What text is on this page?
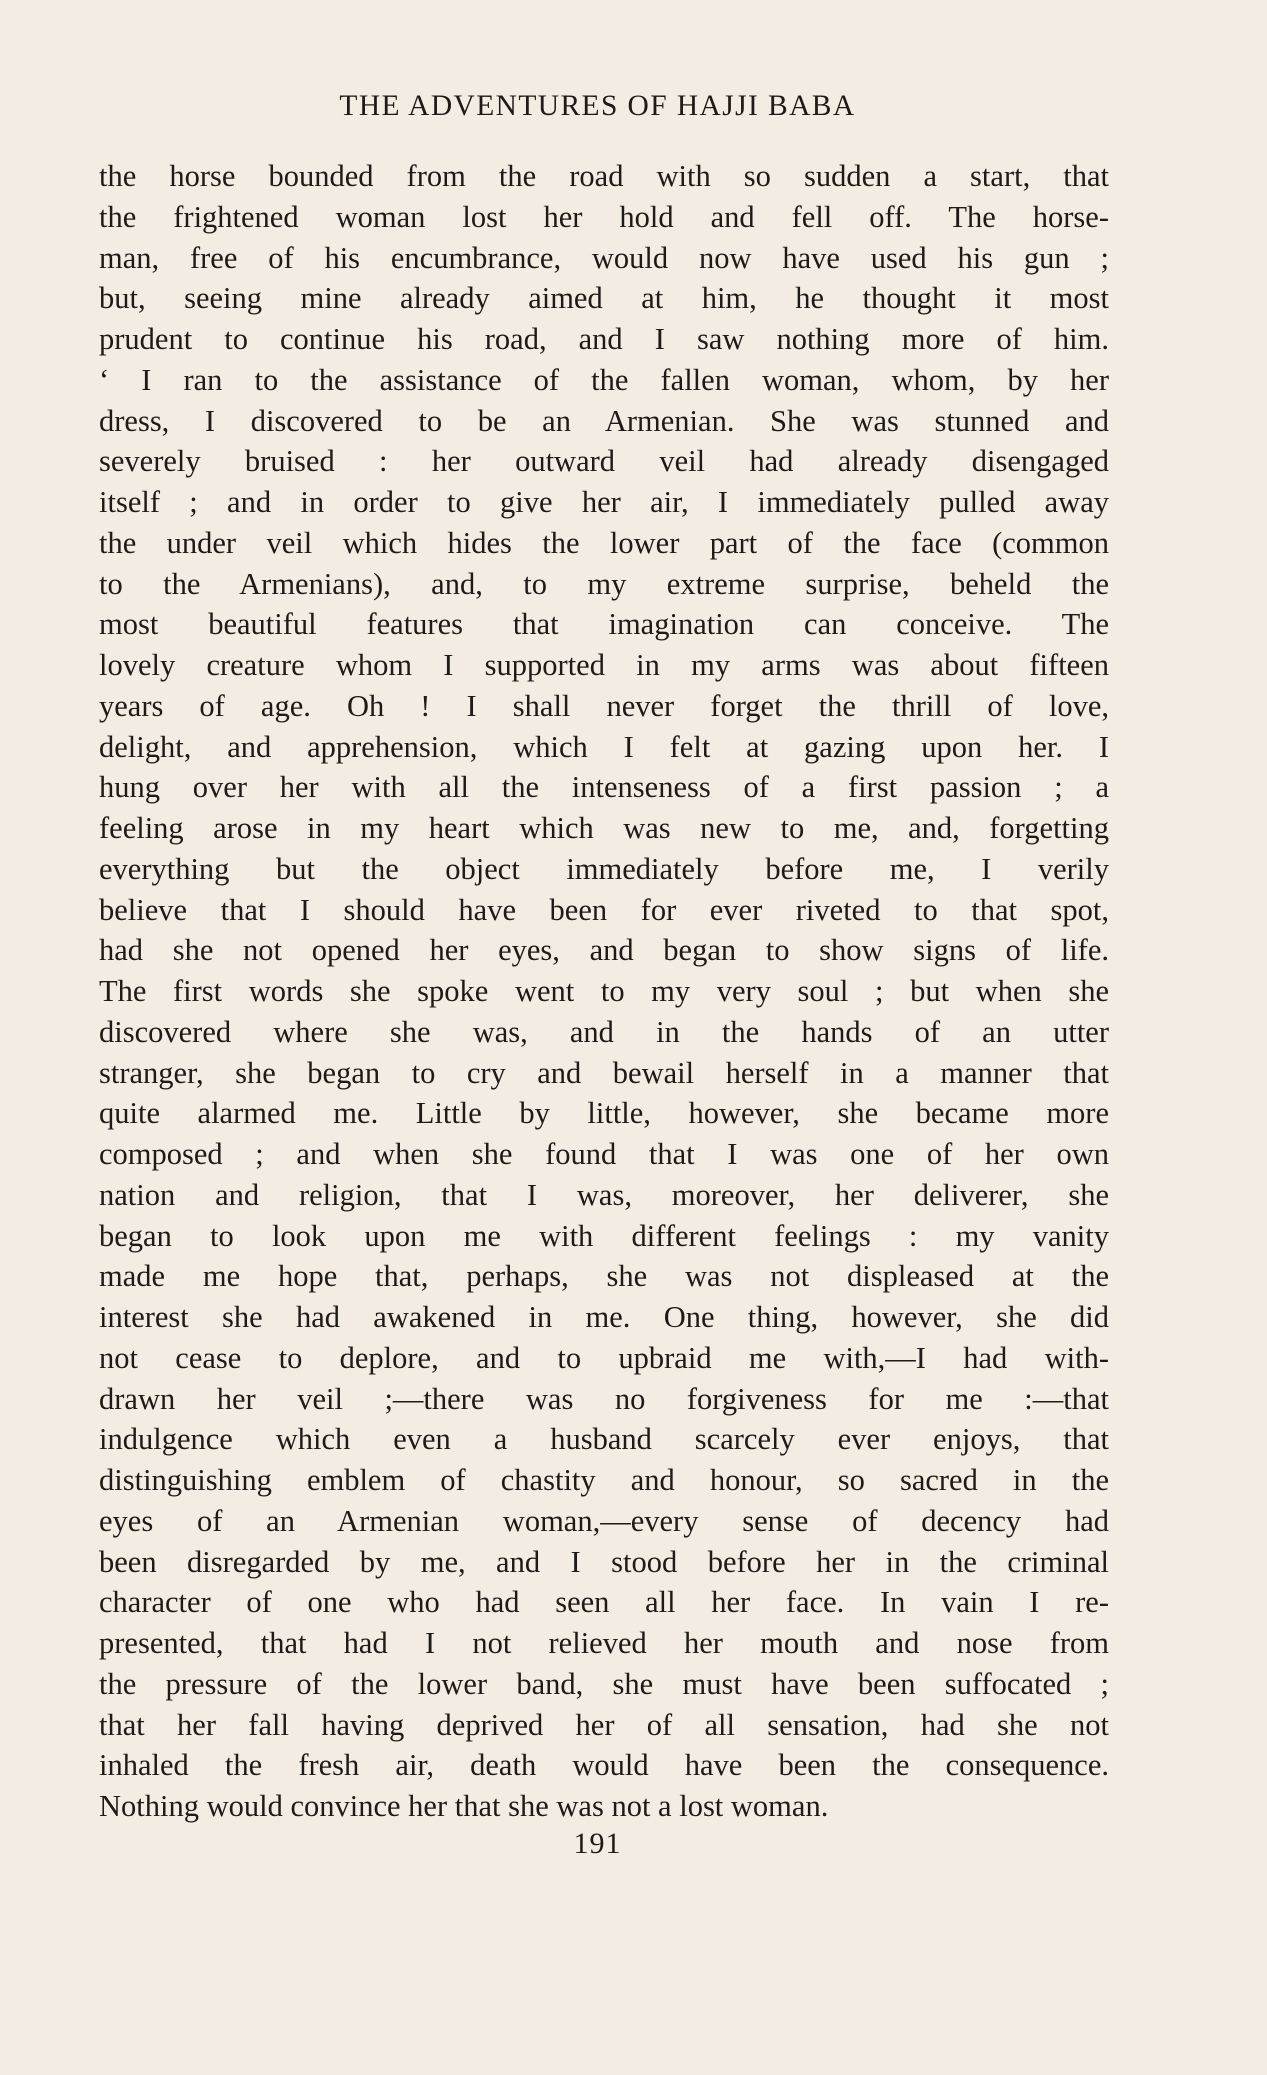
THE ADVENTURES OF HAJJI BABA
the horse bounded from the road with so sudden a start, that
the frightened woman lost her hold and fell off. The horse-
man, free of his encumbrance, would now have used his gun ;
but, seeing mine already aimed at him, he thought it most
prudent to continue his road, and I saw nothing more of him.
‘ I ran to the assistance of the fallen woman, whom, by her
dress, I discovered to be an Armenian. She was stunned and
severely bruised : her outward veil had already disengaged
itself ; and in order to give her air, I immediately pulled away
the under veil which hides the lower part of the face (common
to the Armenians), and, to my extreme surprise, beheld the
most beautiful features that imagination can conceive. The
lovely creature whom I supported in my arms was about fifteen
years of age. Oh ! I shall never forget the thrill of love,
delight, and apprehension, which I felt at gazing upon her. I
hung over her with all the intenseness of a first passion ; a
feeling arose in my heart which was new to me, and, forgetting
everything but the object immediately before me, I verily
believe that I should have been for ever riveted to that spot,
had she not opened her eyes, and began to show signs of life.
The first words she spoke went to my very soul ; but when she
discovered where she was, and in the hands of an utter
stranger, she began to cry and bewail herself in a manner that
quite alarmed me. Little by little, however, she became more
composed ; and when she found that I was one of her own
nation and religion, that I was, moreover, her deliverer, she
began to look upon me with different feelings : my vanity
made me hope that, perhaps, she was not displeased at the
interest she had awakened in me. One thing, however, she did
not cease to deplore, and to upbraid me with,—I had with-
drawn her veil ;—there was no forgiveness for me :—that
indulgence which even a husband scarcely ever enjoys, that
distinguishing emblem of chastity and honour, so sacred in the
eyes of an Armenian woman,—every sense of decency had
been disregarded by me, and I stood before her in the criminal
character of one who had seen all her face. In vain I re-
presented, that had I not relieved her mouth and nose from
the pressure of the lower band, she must have been suffocated ;
that her fall having deprived her of all sensation, had she not
inhaled the fresh air, death would have been the consequence.
Nothing would convince her that she was not a lost woman.
191
